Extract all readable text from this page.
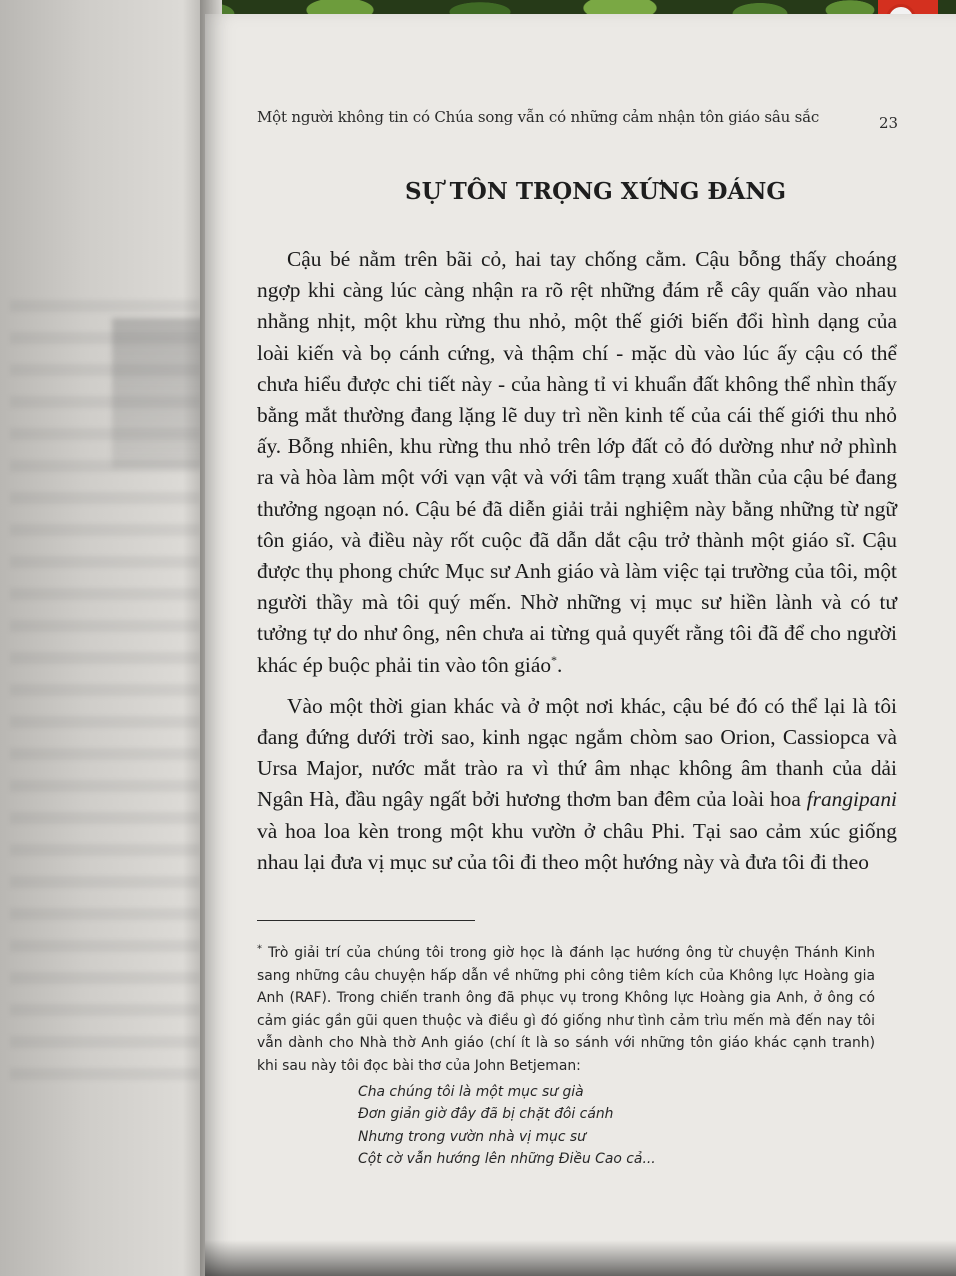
Một người không tin có Chúa song vẫn có những cảm nhận tôn giáo sâu sắc	23
SỰ TÔN TRỌNG XỨNG ĐÁNG

Cậu bé nằm trên bãi cỏ, hai tay chống cằm. Cậu bỗng thấy choáng ngợp khi càng lúc càng nhận ra rõ rệt những đám rễ cây quấn vào nhau nhằng nhịt, một khu rừng thu nhỏ, một thế giới biến đổi hình dạng của loài kiến và bọ cánh cứng, và thậm chí - mặc dù vào lúc ấy cậu có thể chưa hiểu được chi tiết này - của hàng tỉ vi khuẩn đất không thể nhìn thấy bằng mắt thường đang lặng lẽ duy trì nền kinh tế của cái thế giới thu nhỏ ấy. Bỗng nhiên, khu rừng thu nhỏ trên lớp đất cỏ đó dường như nở phình ra và hòa làm một với vạn vật và với tâm trạng xuất thần của cậu bé đang thưởng ngoạn nó. Cậu bé đã diễn giải trải nghiệm này bằng những từ ngữ tôn giáo, và điều này rốt cuộc đã dẫn dắt cậu trở thành một giáo sĩ. Cậu được thụ phong chức Mục sư Anh giáo và làm việc tại trường của tôi, một người thầy mà tôi quý mến. Nhờ những vị mục sư hiền lành và có tư tưởng tự do như ông, nên chưa ai từng quả quyết rằng tôi đã để cho người khác ép buộc phải tin vào tôn giáo*.

Vào một thời gian khác và ở một nơi khác, cậu bé đó có thể lại là tôi đang đứng dưới trời sao, kinh ngạc ngắm chòm sao Orion, Cassiopca và Ursa Major, nước mắt trào ra vì thứ âm nhạc không âm thanh của dải Ngân Hà, đầu ngây ngất bởi hương thơm ban đêm của loài hoa frangipani và hoa loa kèn trong một khu vườn ở châu Phi. Tại sao cảm xúc giống nhau lại đưa vị mục sư của tôi đi theo một hướng này và đưa tôi đi theo

* Trò giải trí của chúng tôi trong giờ học là đánh lạc hướng ông từ chuyện Thánh Kinh sang những câu chuyện hấp dẫn về những phi công tiêm kích của Không lực Hoàng gia Anh (RAF). Trong chiến tranh ông đã phục vụ trong Không lực Hoàng gia Anh, ở ông có cảm giác gần gũi quen thuộc và điều gì đó giống như tình cảm trìu mến mà đến nay tôi vẫn dành cho Nhà thờ Anh giáo (chí ít là so sánh với những tôn giáo khác cạnh tranh) khi sau này tôi đọc bài thơ của John Betjeman:

Cha chúng tôi là một mục sư già
Đơn giản giờ đây đã bị chặt đôi cánh
Nhưng trong vườn nhà vị mục sư
Cột cờ vẫn hướng lên những Điều Cao cả...
